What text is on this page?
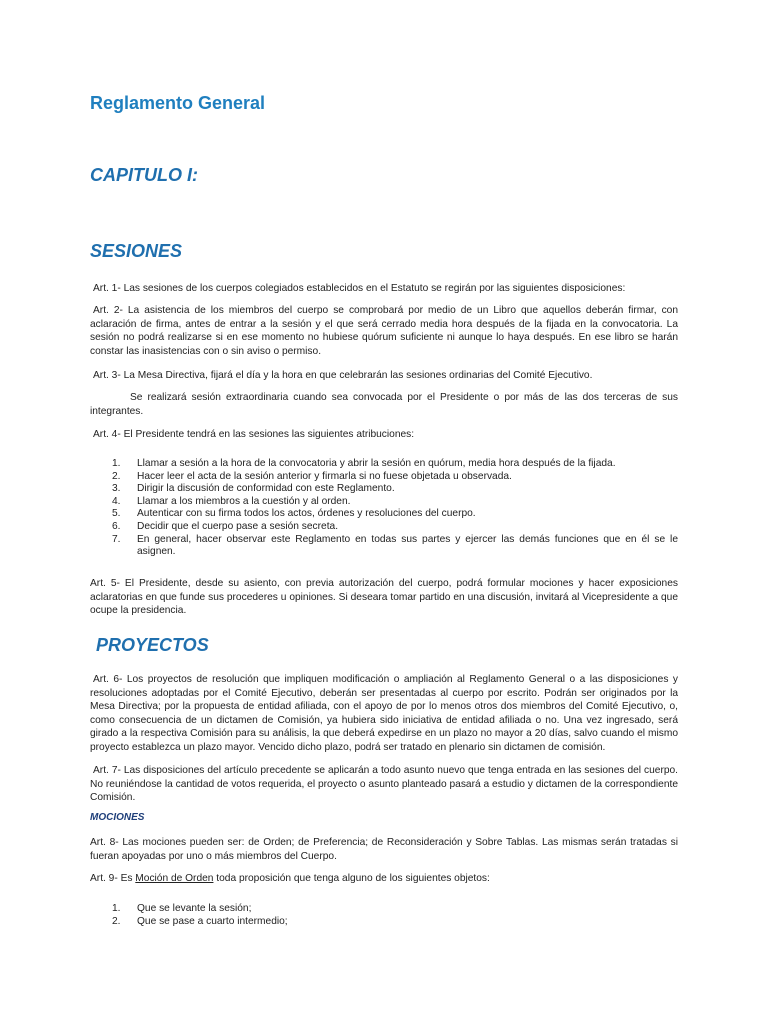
Reglamento General
CAPITULO I:
SESIONES

Art. 1- Las sesiones de los cuerpos colegiados establecidos en el Estatuto se regirán por las siguientes disposiciones:

Art. 2- La asistencia de los miembros del cuerpo se comprobará por medio de un Libro que aquellos deberán firmar, con aclaración de firma, antes de entrar a la sesión y el que será cerrado media hora después de la fijada en la convocatoria. La sesión no podrá realizarse si en ese momento no hubiese quórum suficiente ni aunque lo haya después. En ese libro se harán constar las inasistencias con o sin aviso o permiso.

Art. 3- La Mesa Directiva, fijará el día y la hora en que celebrarán las sesiones ordinarias del Comité Ejecutivo.

Se realizará sesión extraordinaria cuando sea convocada por el Presidente o por más de las dos terceras de sus integrantes.

Art. 4- El Presidente tendrá en las sesiones las siguientes atribuciones:

1. Llamar a sesión a la hora de la convocatoria y abrir la sesión en quórum, media hora después de la fijada.
2. Hacer leer el acta de la sesión anterior y firmarla si no fuese objetada u observada.
3. Dirigir la discusión de conformidad con este Reglamento.
4. Llamar a los miembros a la cuestión y al orden.
5. Autenticar con su firma todos los actos, órdenes y resoluciones del cuerpo.
6. Decidir que el cuerpo pase a sesión secreta.
7. En general, hacer observar este Reglamento en todas sus partes y ejercer las demás funciones que en él se le asignen.

Art. 5- El Presidente, desde su asiento, con previa autorización del cuerpo, podrá formular mociones y hacer exposiciones aclaratorias en que funde sus procederes u opiniones. Si deseara tomar partido en una discusión, invitará al Vicepresidente a que ocupe la presidencia.

PROYECTOS

Art. 6- Los proyectos de resolución que impliquen modificación o ampliación al Reglamento General o a las disposiciones y resoluciones adoptadas por el Comité Ejecutivo, deberán ser presentadas al cuerpo por escrito. Podrán ser originados por la Mesa Directiva; por la propuesta de entidad afiliada, con el apoyo de por lo menos otros dos miembros del Comité Ejecutivo, o, como consecuencia de un dictamen de Comisión, ya hubiera sido iniciativa de entidad afiliada o no. Una vez ingresado, será girado a la respectiva Comisión para su análisis, la que deberá expedirse en un plazo no mayor a 20 días, salvo cuando el mismo proyecto establezca un plazo mayor. Vencido dicho plazo, podrá ser tratado en plenario sin dictamen de comisión.

Art. 7- Las disposiciones del artículo precedente se aplicarán a todo asunto nuevo que tenga entrada en las sesiones del cuerpo. No reuniéndose la cantidad de votos requerida, el proyecto o asunto planteado pasará a estudio y dictamen de la correspondiente Comisión.

MOCIONES

Art. 8- Las mociones pueden ser: de Orden; de Preferencia; de Reconsideración y Sobre Tablas. Las mismas serán tratadas si fueran apoyadas por uno o más miembros del Cuerpo.

Art. 9- Es Moción de Orden toda proposición que tenga alguno de los siguientes objetos:

1. Que se levante la sesión;
2. Que se pase a cuarto intermedio;
